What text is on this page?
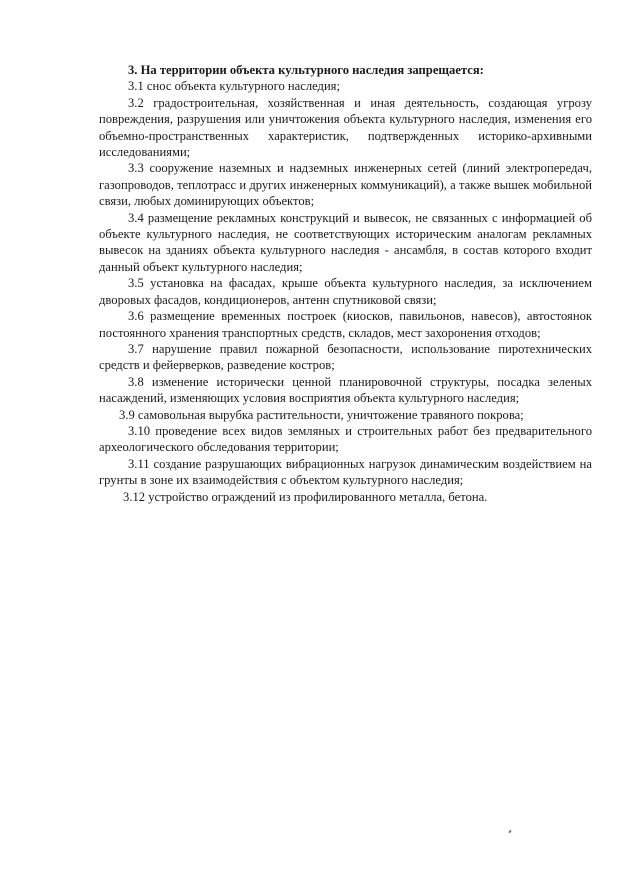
3. На территории объекта культурного наследия запрещается:

3.1 снос объекта культурного наследия;

3.2 градостроительная, хозяйственная и иная деятельность, создающая угрозу повреждения, разрушения или уничтожения объекта культурного наследия, изменения его объемно-пространственных характеристик, подтвержденных историко-архивными исследованиями;

3.3 сооружение наземных и надземных инженерных сетей (линий электропередач, газопроводов, теплотрасс и других инженерных коммуникаций), а также вышек мобильной связи, любых доминирующих объектов;

3.4 размещение рекламных конструкций и вывесок, не связанных с информацией об объекте культурного наследия, не соответствующих историческим аналогам рекламных вывесок на зданиях объекта культурного наследия - ансамбля, в состав которого входит данный объект культурного наследия;

3.5 установка на фасадах, крыше объекта культурного наследия, за исключением дворовых фасадов, кондиционеров, антенн спутниковой связи;

3.6 размещение временных построек (киосков, павильонов, навесов), автостоянок постоянного хранения транспортных средств, складов, мест захоронения отходов;

3.7 нарушение правил пожарной безопасности, использование пиротехнических средств и фейерверков, разведение костров;

3.8 изменение исторически ценной планировочной структуры, посадка зеленых насаждений, изменяющих условия восприятия объекта культурного наследия;

3.9 самовольная вырубка растительности, уничтожение травяного покрова;

3.10 проведение всех видов земляных и строительных работ без предварительного археологического обследования территории;

3.11 создание разрушающих вибрационных нагрузок динамическим воздействием на грунты в зоне их взаимодействия с объектом культурного наследия;

3.12 устройство ограждений из профилированного металла, бетона.
